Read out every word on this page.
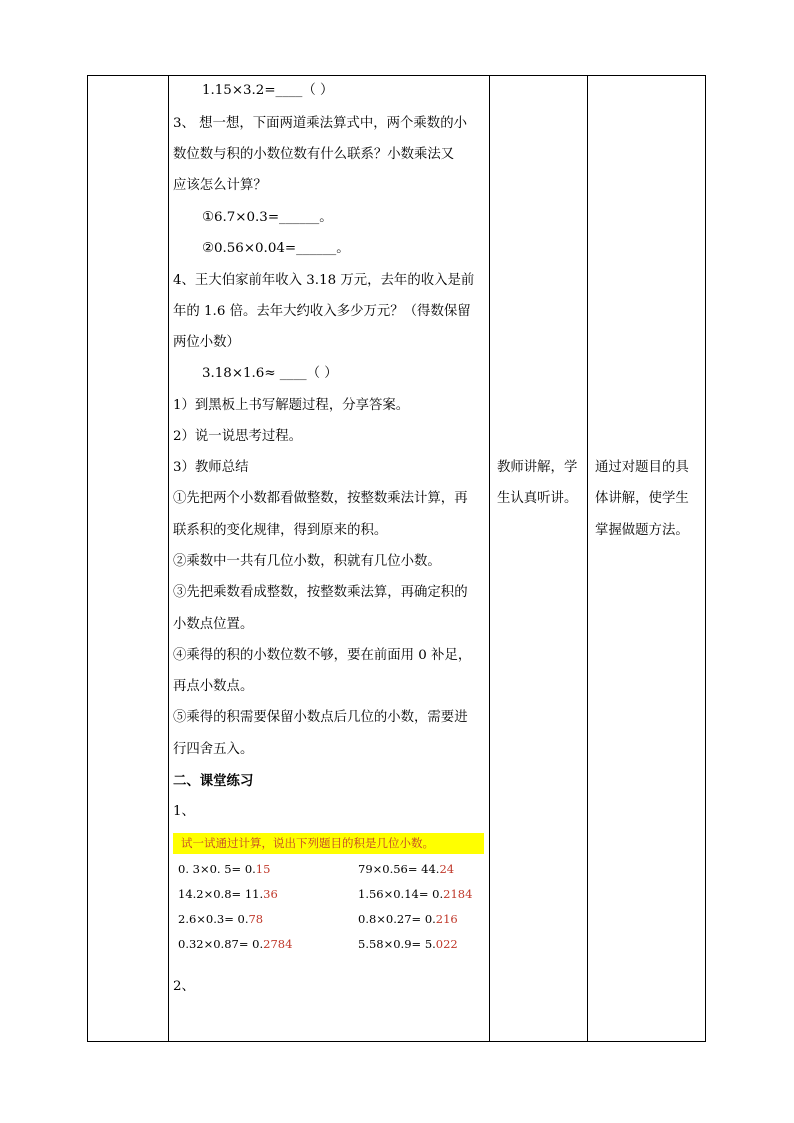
1.15×3.2=____（ ）
3、 想一想，下面两道乘法算式中，两个乘数的小
数位数与积的小数位数有什么联系？小数乘法又
应该怎么计算？
①6.7×0.3=______。
②0.56×0.04=______。
4、王大伯家前年收入 3.18 万元，去年的收入是前
年的 1.6 倍。去年大约收入多少万元？（得数保留
两位小数）
3.18×1.6≈ ____（ ）
1）到黑板上书写解题过程，分享答案。
2）说一说思考过程。
3）教师总结
①先把两个小数都看做整数，按整数乘法计算，再
联系积的变化规律，得到原来的积。
②乘数中一共有几位小数，积就有几位小数。
③先把乘数看成整数，按整数乘法算，再确定积的
小数点位置。
④乘得的积的小数位数不够，要在前面用 0 补足，
再点小数点。
⑤乘得的积需要保留小数点后几位的小数，需要进
行四舍五入。
二、课堂练习
1、
试一试通过计算，说出下列题目的积是几位小数。
0. 3×0. 5= 0.15	79×0.56= 44.24
14.2×0.8= 11.36	1.56×0.14= 0.2184
2.6×0.3= 0.78	0.8×0.27= 0.216
0.32×0.87= 0.2784	5.58×0.9= 5.022
2、
教师讲解，学
生认真听讲。
通过对题目的具
体讲解，使学生
掌握做题方法。
